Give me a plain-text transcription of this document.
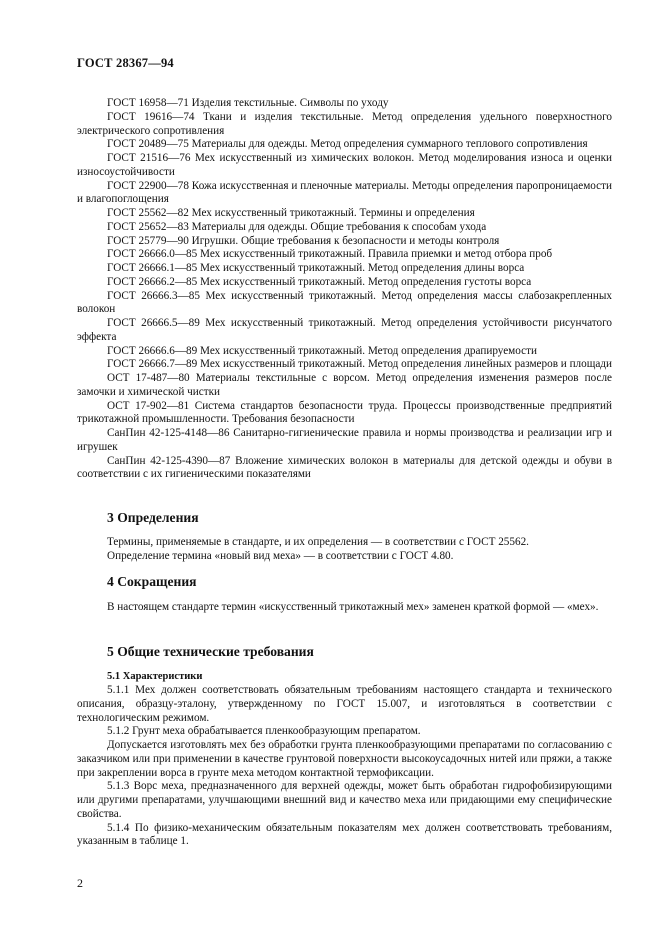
ГОСТ 28367—94

ГОСТ 16958—71 Изделия текстильные. Символы по уходу

ГОСТ 19616—74 Ткани и изделия текстильные. Метод определения удельного поверхностного электрического сопротивления

ГОСТ 20489—75 Материалы для одежды. Метод определения суммарного теплового сопротивления

ГОСТ 21516—76 Мех искусственный из химических волокон. Метод моделирования износа и оценки износоустойчивости

ГОСТ 22900—78 Кожа искусственная и пленочные материалы. Методы определения паропроницаемости и влагопоглощения

ГОСТ 25562—82 Мех искусственный трикотажный. Термины и определения

ГОСТ 25652—83 Материалы для одежды. Общие требования к способам ухода

ГОСТ 25779—90 Игрушки. Общие требования к безопасности и методы контроля

ГОСТ 26666.0—85 Мех искусственный трикотажный. Правила приемки и метод отбора проб

ГОСТ 26666.1—85 Мех искусственный трикотажный. Метод определения длины ворса

ГОСТ 26666.2—85 Мех искусственный трикотажный. Метод определения густоты ворса

ГОСТ 26666.3—85 Мех искусственный трикотажный. Метод определения массы слабозакрепленных волокон

ГОСТ 26666.5—89 Мех искусственный трикотажный. Метод определения устойчивости рисунчатого эффекта

ГОСТ 26666.6—89 Мех искусственный трикотажный. Метод определения драпируемости

ГОСТ 26666.7—89 Мех искусственный трикотажный. Метод определения линейных размеров и площади

ОСТ 17-487—80 Материалы текстильные с ворсом. Метод определения изменения размеров после замочки и химической чистки

ОСТ 17-902—81 Система стандартов безопасности труда. Процессы производственные предприятий трикотажной промышленности. Требования безопасности

СанПин 42-125-4148—86 Санитарно-гигиенические правила и нормы производства и реализации игр и игрушек

СанПин 42-125-4390—87 Вложение химических волокон в материалы для детской одежды и обуви в соответствии с их гигиеническими показателями

3 Определения

Термины, применяемые в стандарте, и их определения — в соответствии с ГОСТ 25562.

Определение термина «новый вид меха» — в соответствии с ГОСТ 4.80.

4 Сокращения

В настоящем стандарте термин «искусственный трикотажный мех» заменен краткой формой — «мех».

5 Общие технические требования
5.1 Характеристики

5.1.1 Мех должен соответствовать обязательным требованиям настоящего стандарта и технического описания, образцу-эталону, утвержденному по ГОСТ 15.007, и изготовляться в соответствии с технологическим режимом.

5.1.2 Грунт меха обрабатывается пленкообразующим препаратом.

Допускается изготовлять мех без обработки грунта пленкообразующими препаратами по согласованию с заказчиком или при применении в качестве грунтовой поверхности высокоусадочных нитей или пряжи, а также при закреплении ворса в грунте меха методом контактной термофиксации.

5.1.3 Ворс меха, предназначенного для верхней одежды, может быть обработан гидрофобизирующими или другими препаратами, улучшающими внешний вид и качество меха или придающими ему специфические свойства.

5.1.4 По физико-механическим обязательным показателям мех должен соответствовать требованиям, указанным в таблице 1.

2
